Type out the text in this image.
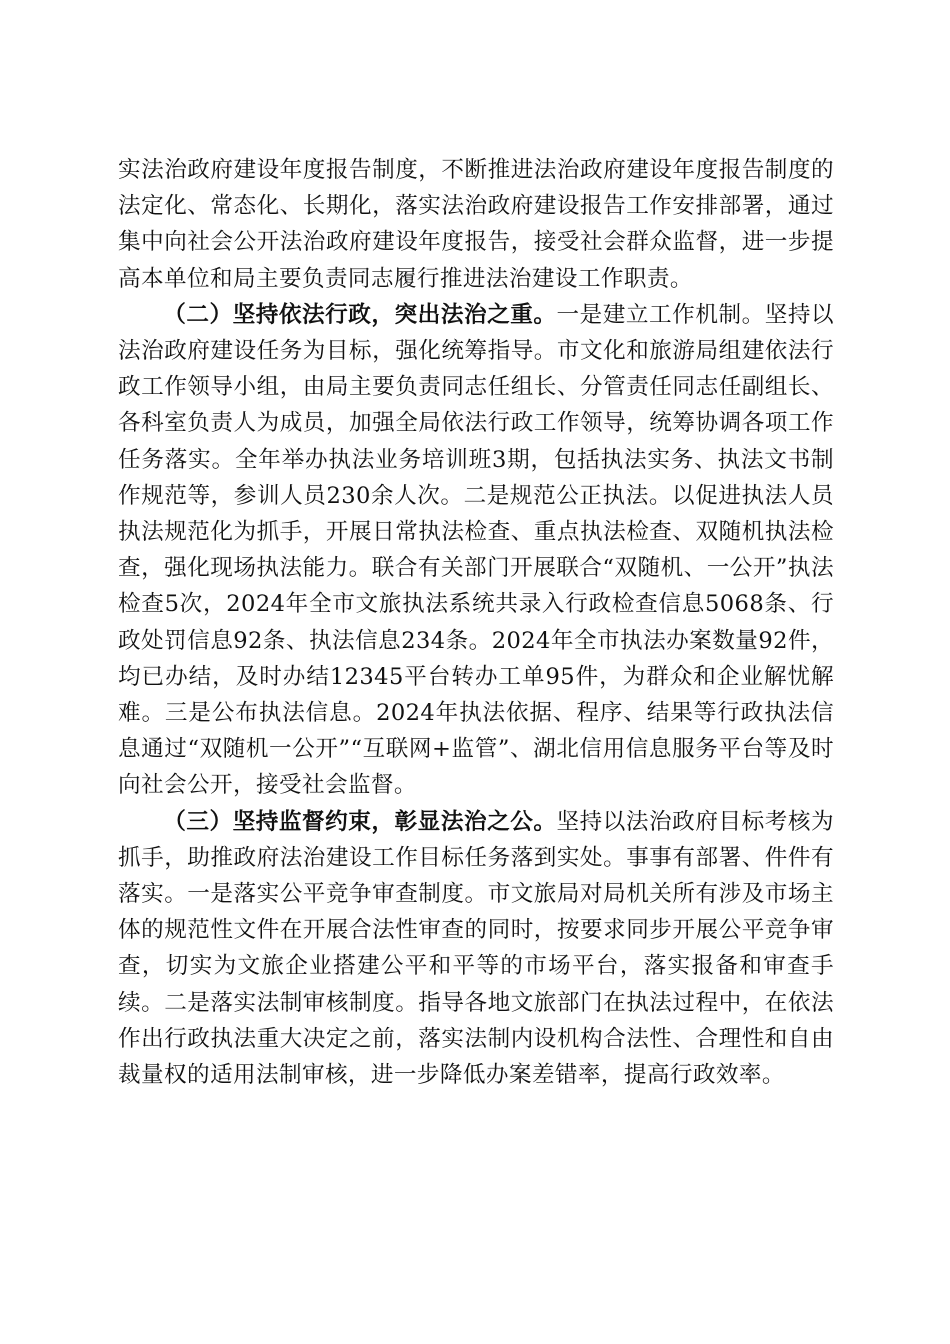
实法治政府建设年度报告制度，不断推进法治政府建设年度报告制度的法定化、常态化、长期化，落实法治政府建设报告工作安排部署，通过集中向社会公开法治政府建设年度报告，接受社会群众监督，进一步提高本单位和局主要负责同志履行推进法治建设工作职责。

（二）坚持依法行政，突出法治之重。一是建立工作机制。坚持以法治政府建设任务为目标，强化统筹指导。市文化和旅游局组建依法行政工作领导小组，由局主要负责同志任组长、分管责任同志任副组长、各科室负责人为成员，加强全局依法行政工作领导，统筹协调各项工作任务落实。全年举办执法业务培训班3期，包括执法实务、执法文书制作规范等，参训人员230余人次。二是规范公正执法。以促进执法人员执法规范化为抓手，开展日常执法检查、重点执法检查、双随机执法检查，强化现场执法能力。联合有关部门开展联合“双随机、一公开”执法检查5次，2024年全市文旅执法系统共录入行政检查信息5068条、行政处罚信息92条、执法信息234条。2024年全市执法办案数量92件，均已办结，及时办结12345平台转办工单95件，为群众和企业解忧解难。三是公布执法信息。2024年执法依据、程序、结果等行政执法信息通过“双随机一公开”“互联网+监管”、湖北信用信息服务平台等及时向社会公开，接受社会监督。

（三）坚持监督约束，彰显法治之公。坚持以法治政府目标考核为抓手，助推政府法治建设工作目标任务落到实处。事事有部署、件件有落实。一是落实公平竞争审查制度。市文旅局对局机关所有涉及市场主体的规范性文件在开展合法性审查的同时，按要求同步开展公平竞争审查，切实为文旅企业搭建公平和平等的市场平台，落实报备和审查手续。二是落实法制审核制度。指导各地文旅部门在执法过程中，在依法作出行政执法重大决定之前，落实法制内设机构合法性、合理性和自由裁量权的适用法制审核，进一步降低办案差错率，提高行政效率。
